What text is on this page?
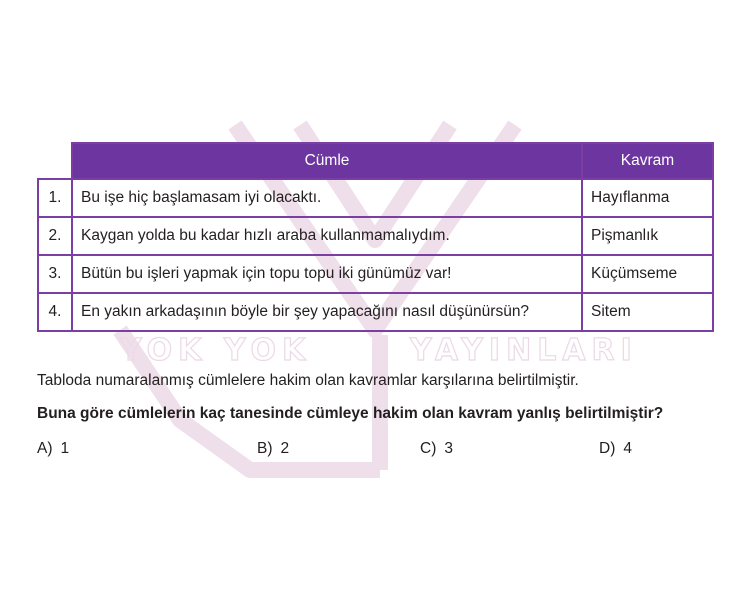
YOK YOK	YAYINLARI
	Cümle	Kavram
1.	Bu işe hiç başlamasam iyi olacaktı.	Hayıflanma
2.	Kaygan yolda bu kadar hızlı araba kullanmamalıydım.	Pişmanlık
3.	Bütün bu işleri yapmak için topu topu iki günümüz var!	Küçümseme
4.	En yakın arkadaşının böyle bir şey yapacağını nasıl düşünürsün?	Sitem
Tabloda numaralanmış cümlelere hakim olan kavramlar karşılarına belirtilmiştir.
Buna göre cümlelerin kaç tanesinde cümleye hakim olan kavram yanlış belirtilmiştir?
A) 1	B) 2	C) 3	D) 4
